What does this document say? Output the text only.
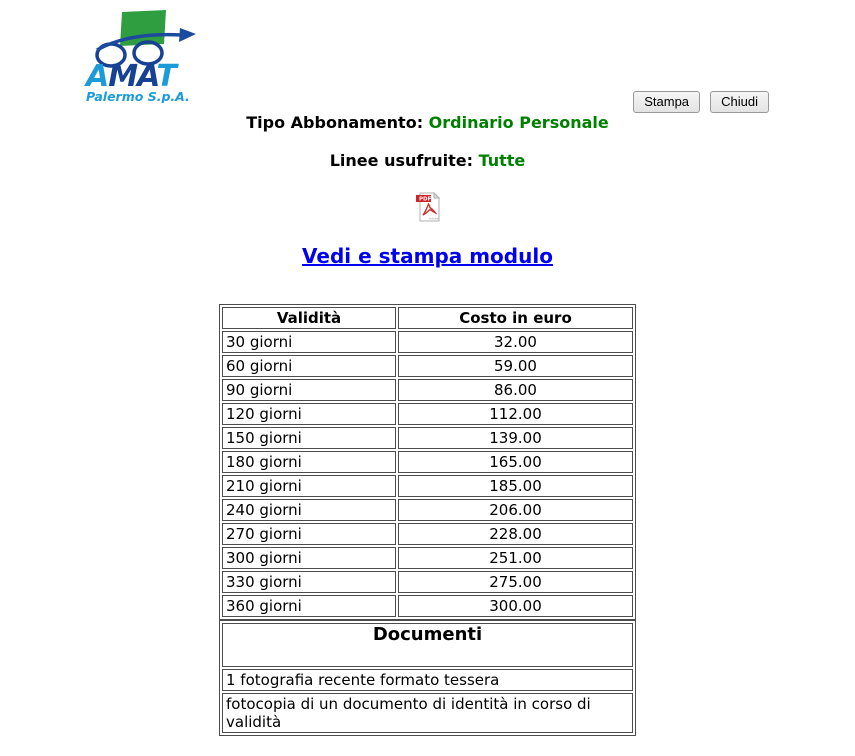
AMAT
Palermo S.p.A.	Stampa Chiudi
Tipo Abbonamento: Ordinario Personale
Linee usufruite: Tutte
PDF
Adobe
Vedi e stampa modulo
Validità	Costo in euro
30 giorni	32.00
60 giorni	59.00
90 giorni	86.00
120 giorni	112.00
150 giorni	139.00
180 giorni	165.00
210 giorni	185.00
240 giorni	206.00
270 giorni	228.00
300 giorni	251.00
330 giorni	275.00
360 giorni	300.00
Documenti
1 fotografia recente formato tessera
fotocopia di un documento di identità in corso di validità
